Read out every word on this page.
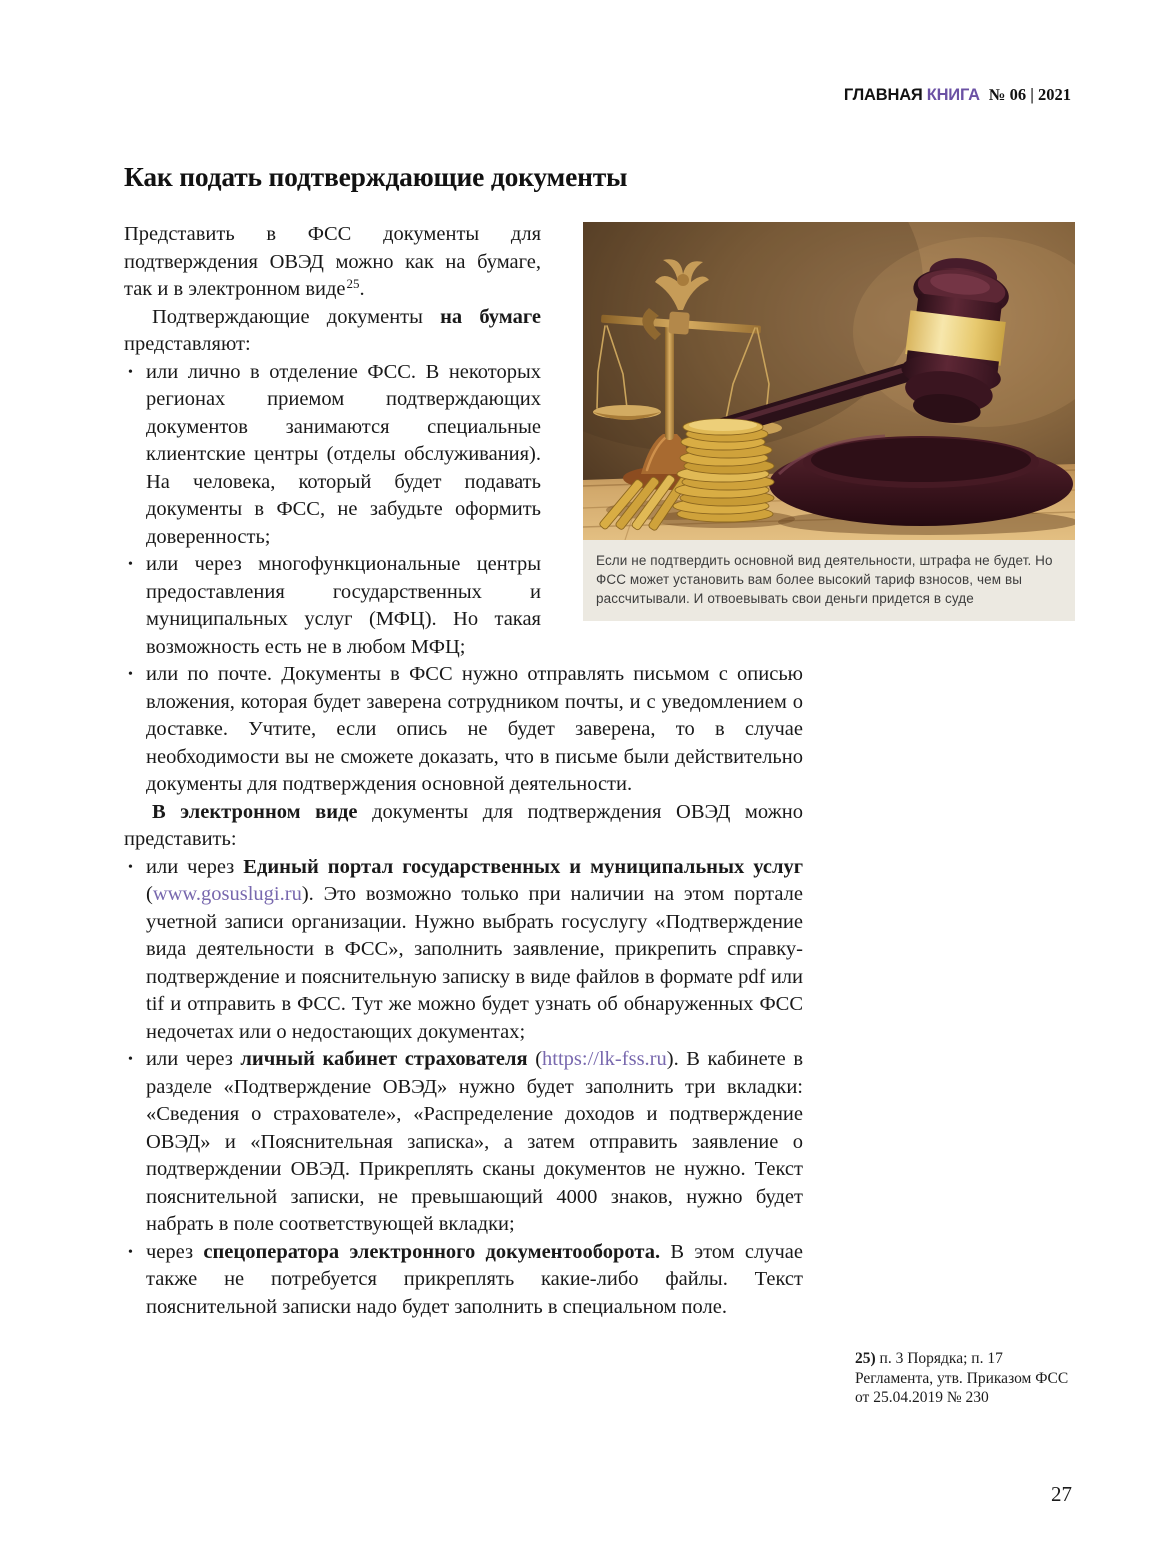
ГЛАВНАЯ КНИГА № 06 | 2021
Как подать подтверждающие документы

Представить в ФСС документы для подтверждения ОВЭД можно как на бумаге, так и в электронном виде$^{25}$.

Подтверждающие документы на бумаге представляют:

• или лично в отделение ФСС. В некоторых регионах приемом подтверждающих документов занимаются специальные клиентские центры (отделы обслуживания). На человека, который будет подавать документы в ФСС, не забудьте оформить доверенность;
• или через многофункциональные центры предоставления государственных и муниципальных услуг (МФЦ). Но такая возможность есть не в любом МФЦ;
• или по почте. Документы в ФСС нужно отправлять письмом с описью вложения, которая будет заверена сотрудником почты, и с уведомлением о доставке. Учтите, если опись не будет заверена, то в случае необходимости вы не сможете доказать, что в письме были действительно документы для подтверждения основной деятельности.

В электронном виде документы для подтверждения ОВЭД можно представить:

• или через Единый портал государственных и муниципальных услуг (www.gosuslugi.ru). Это возможно только при наличии на этом портале учетной записи организации. Нужно выбрать госуслугу «Подтверждение вида деятельности в ФСС», заполнить заявление, прикрепить справку-подтверждение и пояснительную записку в виде файлов в формате pdf или tif и отправить в ФСС. Тут же можно будет узнать об обнаруженных ФСС недочетах или о недостающих документах;
• или через личный кабинет страхователя (https://lk-fss.ru). В кабинете в разделе «Подтверждение ОВЭД» нужно будет заполнить три вкладки: «Сведения о страхователе», «Распределение доходов и подтверждение ОВЭД» и «Пояснительная записка», а затем отправить заявление о подтверждении ОВЭД. Прикреплять сканы документов не нужно. Текст пояснительной записки, не превышающий 4000 знаков, нужно будет набрать в поле соответствующей вкладки;
• через спецоператора электронного документооборота. В этом случае также не потребуется прикреплять какие-либо файлы. Текст пояснительной записки надо будет заполнить в специальном поле.
Если не подтвердить основной вид деятельности, штрафа не будет. Но ФСС может установить вам более высокий тариф взносов, чем вы рассчитывали. И отвоевывать свои деньги придется в суде
25) п. 3 Порядка; п. 17 Регламента, утв. Приказом ФСС от 25.04.2019 № 230
27
